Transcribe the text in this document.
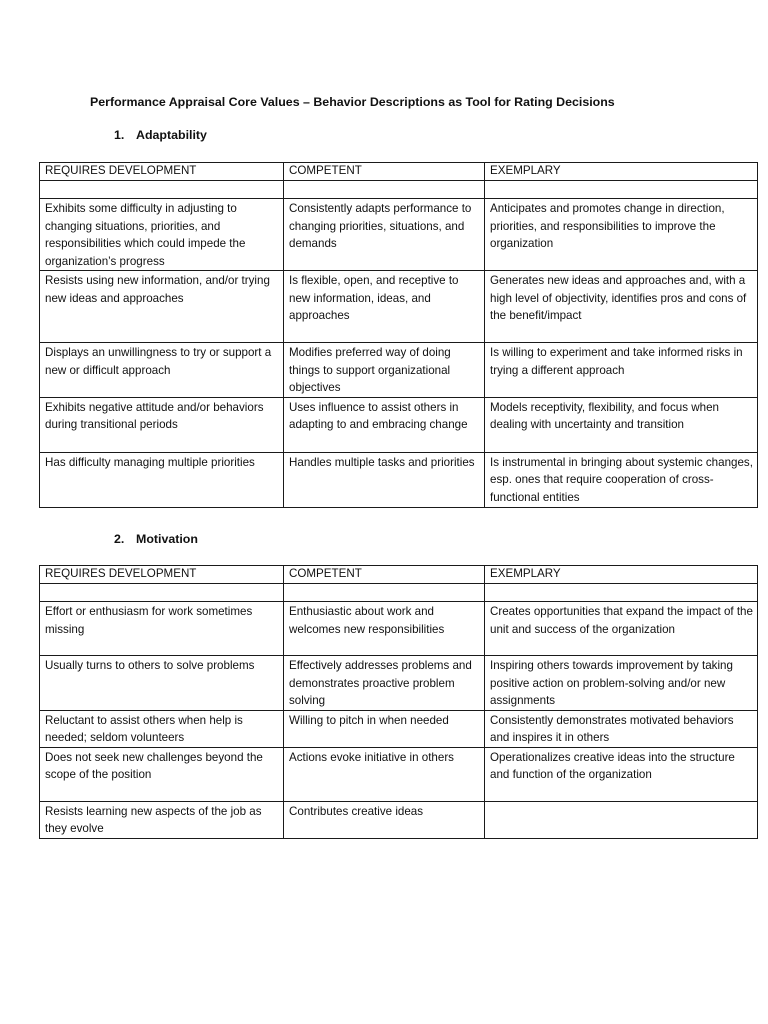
Performance Appraisal Core Values – Behavior Descriptions as Tool for Rating Decisions
1. Adaptability
REQUIRES DEVELOPMENT	COMPETENT	EXEMPLARY

Exhibits some difficulty in adjusting to changing situations, priorities, and responsibilities which could impede the organization’s progress	Consistently adapts performance to changing priorities, situations, and demands	Anticipates and promotes change in direction, priorities, and responsibilities to improve the organization
Resists using new information, and/or trying new ideas and approaches	Is flexible, open, and receptive to new information, ideas, and approaches	Generates new ideas and approaches and, with a high level of objectivity, identifies pros and cons of the benefit/impact
Displays an unwillingness to try or support a new or difficult approach	Modifies preferred way of doing things to support organizational objectives	Is willing to experiment and take informed risks in trying a different approach
Exhibits negative attitude and/or behaviors during transitional periods	Uses influence to assist others in adapting to and embracing change	Models receptivity, flexibility, and focus when dealing with uncertainty and transition
Has difficulty managing multiple priorities	Handles multiple tasks and priorities	Is instrumental in bringing about systemic changes, esp. ones that require cooperation of cross-functional entities
2. Motivation
REQUIRES DEVELOPMENT	COMPETENT	EXEMPLARY

Effort or enthusiasm for work sometimes missing	Enthusiastic about work and welcomes new responsibilities	Creates opportunities that expand the impact of the unit and success of the organization
Usually turns to others to solve problems	Effectively addresses problems and demonstrates proactive problem solving	Inspiring others towards improvement by taking positive action on problem-solving and/or new assignments
Reluctant to assist others when help is needed; seldom volunteers	Willing to pitch in when needed	Consistently demonstrates motivated behaviors and inspires it in others
Does not seek new challenges beyond the scope of the position	Actions evoke initiative in others	Operationalizes creative ideas into the structure and function of the organization
Resists learning new aspects of the job as they evolve	Contributes creative ideas	
